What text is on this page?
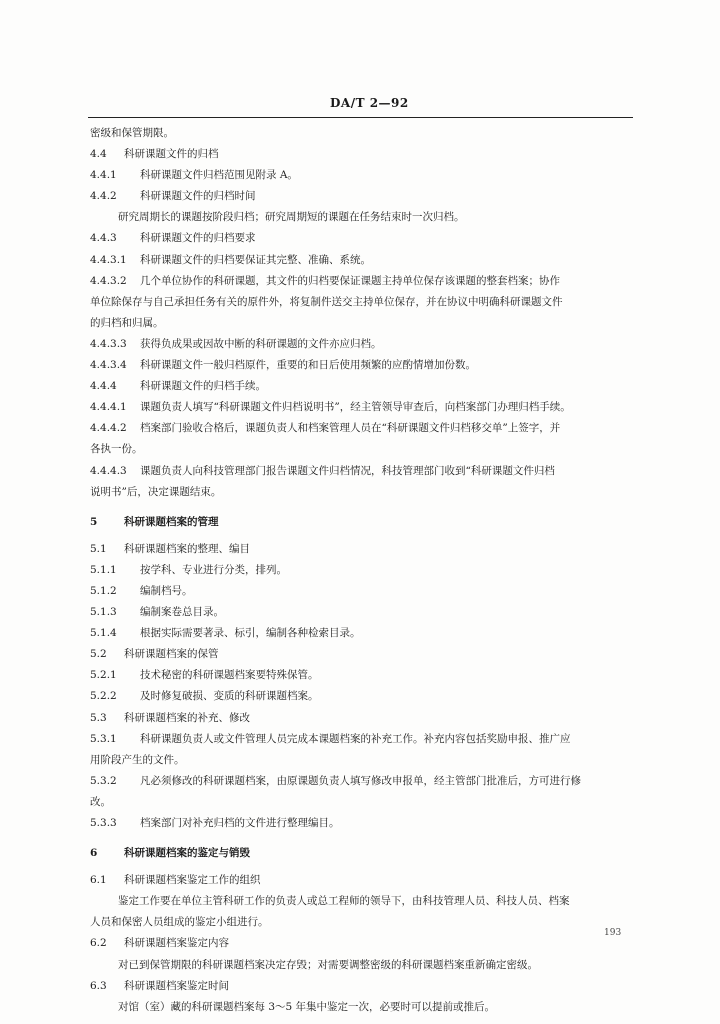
DA/T 2—92
密级和保管期限。
4.4 科研课题文件的归档
4.4.1 科研课题文件归档范围见附录 A。
4.4.2 科研课题文件的归档时间
研究周期长的课题按阶段归档；研究周期短的课题在任务结束时一次归档。
4.4.3 科研课题文件的归档要求
4.4.3.1 科研课题文件的归档要保证其完整、准确、系统。
4.4.3.2 几个单位协作的科研课题，其文件的归档要保证课题主持单位保存该课题的整套档案；协作
单位除保存与自己承担任务有关的原件外，将复制件送交主持单位保存，并在协议中明确科研课题文件
的归档和归属。
4.4.3.3 获得负成果或因故中断的科研课题的文件亦应归档。
4.4.3.4 科研课题文件一般归档原件，重要的和日后使用频繁的应酌情增加份数。
4.4.4 科研课题文件的归档手续。
4.4.4.1 课题负责人填写“科研课题文件归档说明书”，经主管领导审查后，向档案部门办理归档手续。
4.4.4.2 档案部门验收合格后，课题负责人和档案管理人员在“科研课题文件归档移交单”上签字，并
各执一份。
4.4.4.3 课题负责人向科技管理部门报告课题文件归档情况，科技管理部门收到“科研课题文件归档
说明书”后，决定课题结束。
5	科研课题档案的管理
5.1 科研课题档案的整理、编目
5.1.1 按学科、专业进行分类，排列。
5.1.2 编制档号。
5.1.3 编制案卷总目录。
5.1.4 根据实际需要著录、标引，编制各种检索目录。
5.2 科研课题档案的保管
5.2.1 技术秘密的科研课题档案要特殊保管。
5.2.2 及时修复破损、变质的科研课题档案。
5.3 科研课题档案的补充、修改
5.3.1 科研课题负责人或文件管理人员完成本课题档案的补充工作。补充内容包括奖励申报、推广应
用阶段产生的文件。
5.3.2 凡必须修改的科研课题档案，由原课题负责人填写修改申报单，经主管部门批准后，方可进行修
改。
5.3.3 档案部门对补充归档的文件进行整理编目。
6	科研课题档案的鉴定与销毁
6.1 科研课题档案鉴定工作的组织
鉴定工作要在单位主管科研工作的负责人或总工程师的领导下，由科技管理人员、科技人员、档案
人员和保密人员组成的鉴定小组进行。
6.2 科研课题档案鉴定内容
对已到保管期限的科研课题档案决定存毁；对需要调整密级的科研课题档案重新确定密级。
6.3 科研课题档案鉴定时间
对馆（室）藏的科研课题档案每 3～5 年集中鉴定一次，必要时可以提前或推后。
193
